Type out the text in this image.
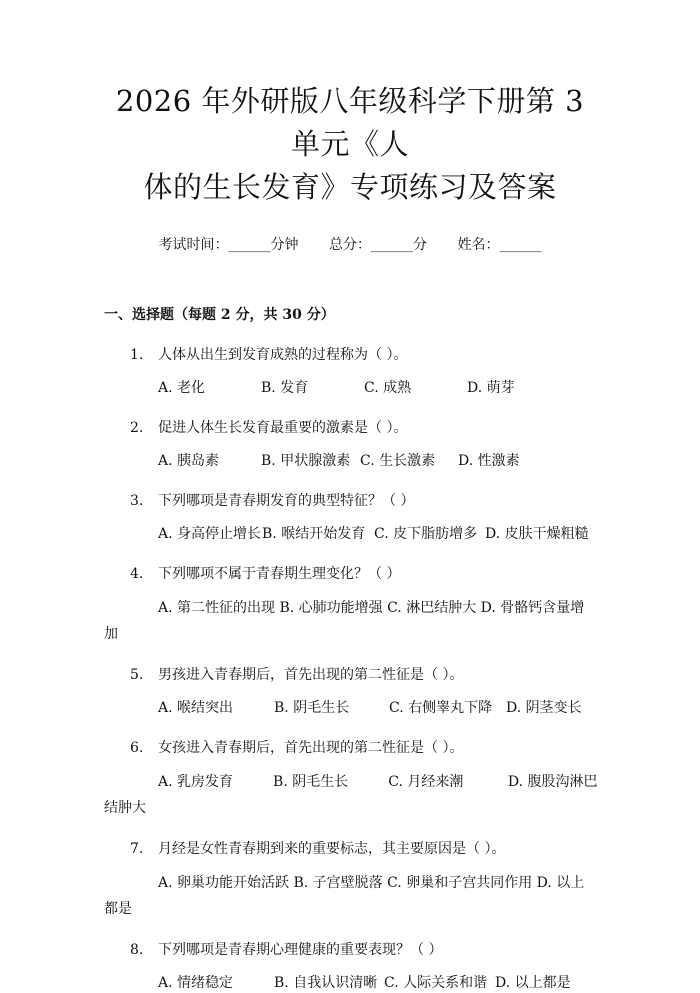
2026 年外研版八年级科学下册第 3 单元《人
体的生长发育》专项练习及答案
考试时间：______分钟 总分：______分 姓名：______
一、选择题（每题 2 分，共 30 分）
1. 人体从出生到发育成熟的过程称为（ ）。
A. 老化	B. 发育	C. 成熟	D. 萌芽
2. 促进人体生长发育最重要的激素是（ ）。
A. 胰岛素	B. 甲状腺激素 C. 生长激素 D. 性激素
3. 下列哪项是青春期发育的典型特征？（ ）
A. 身高停止增长B. 喉结开始发育 C. 皮下脂肪增多 D. 皮肤干燥粗糙
4. 下列哪项不属于青春期生理变化？（ ）
A. 第二性征的出现 B. 心肺功能增强 C. 淋巴结肿大 D. 骨骼钙含量增
加
5. 男孩进入青春期后，首先出现的第二性征是（ ）。
A. 喉结突出	B. 阴毛生长	C. 右侧睾丸下降 D. 阴茎变长
6. 女孩进入青春期后，首先出现的第二性征是（ ）。
A. 乳房发育         B. 阴毛生长         C. 月经来潮          D. 腹股沟淋巴
结肿大
7. 月经是女性青春期到来的重要标志，其主要原因是（ ）。
A. 卵巢功能开始活跃 B. 子宫壁脱落 C. 卵巢和子宫共同作用 D. 以上
都是
8. 下列哪项是青春期心理健康的重要表现？（ ）
A. 情绪稳定	B. 自我认识清晰 C. 人际关系和谐 D. 以上都是
